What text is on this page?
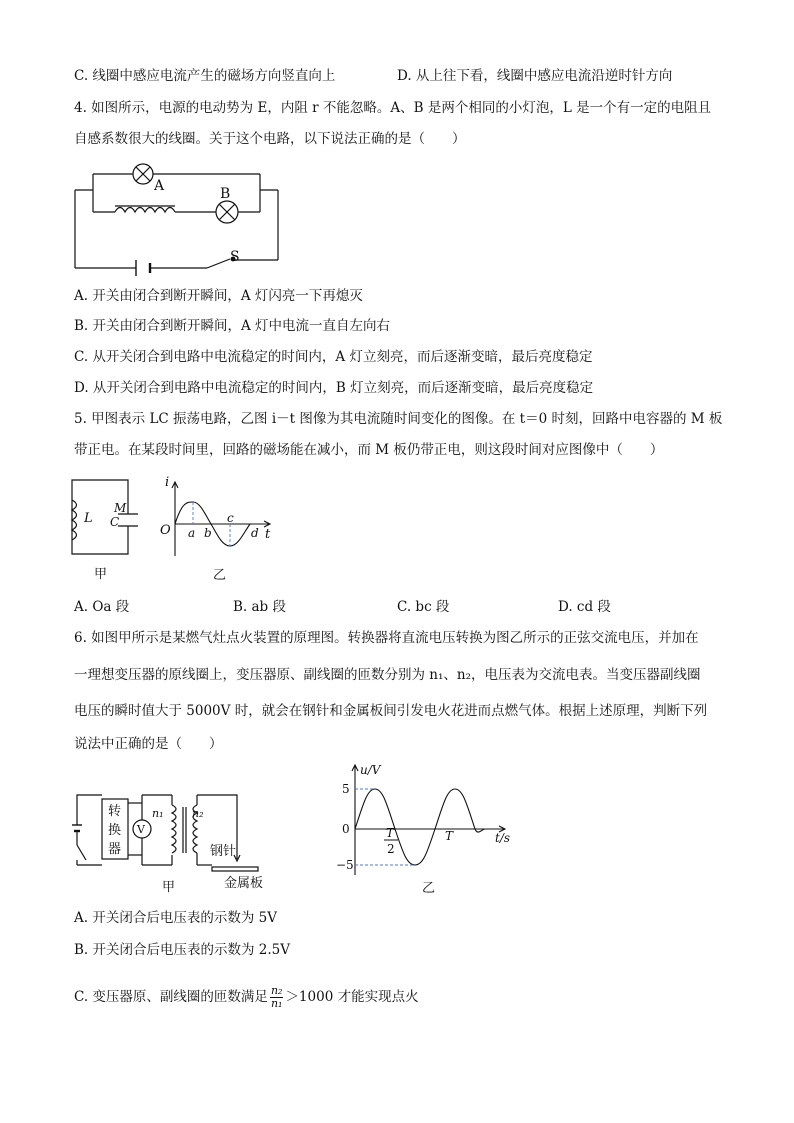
C. 线圈中感应电流产生的磁场方向竖直向上	D. 从上往下看，线圈中感应电流沿逆时针方向
4. 如图所示，电源的电动势为 E，内阻 r 不能忽略。A、B 是两个相同的小灯泡，L 是一个有一定的电阻且
自感系数很大的线圈。关于这个电路，以下说法正确的是（　　）
A	B
S
A. 开关由闭合到断开瞬间，A 灯闪亮一下再熄灭
B. 开关由闭合到断开瞬间，A 灯中电流一直自左向右
C. 从开关闭合到电路中电流稳定的时间内，A 灯立刻亮，而后逐渐变暗，最后亮度稳定
D. 从开关闭合到电路中电流稳定的时间内，B 灯立刻亮，而后逐渐变暗，最后亮度稳定
5. 甲图表示 LC 振荡电路，乙图 i－t 图像为其电流随时间变化的图像。在 t＝0 时刻，回路中电容器的 M 板
带正电。在某段时间里，回路的磁场能在减小，而 M 板仍带正电，则这段时间对应图像中（　　）
L
M
C
甲
i
O a b
c
d t
乙
A. Oa 段	B. ab 段	C. bc 段	D. cd 段
6. 如图甲所示是某燃气灶点火装置的原理图。转换器将直流电压转换为图乙所示的正弦交流电压，并加在
一理想变压器的原线圈上，变压器原、副线圈的匝数分别为 n₁、n₂，电压表为交流电表。当变压器副线圈
电压的瞬时值大于 5000V 时，就会在钢针和金属板间引发电火花进而点燃气体。根据上述原理，判断下列
说法中正确的是（　　）
转
换
器
V
n₁	n₂
钢针
金属板
甲
u/V
5
0
−5
T
2
T	t/s
乙
A. 开关闭合后电压表的示数为 5V
B. 开关闭合后电压表的示数为 2.5V
C. 变压器原、副线圈的匝数满足 $\frac{\text{n₂}}{\text{n₁}} >1000$ 才能实现点火
